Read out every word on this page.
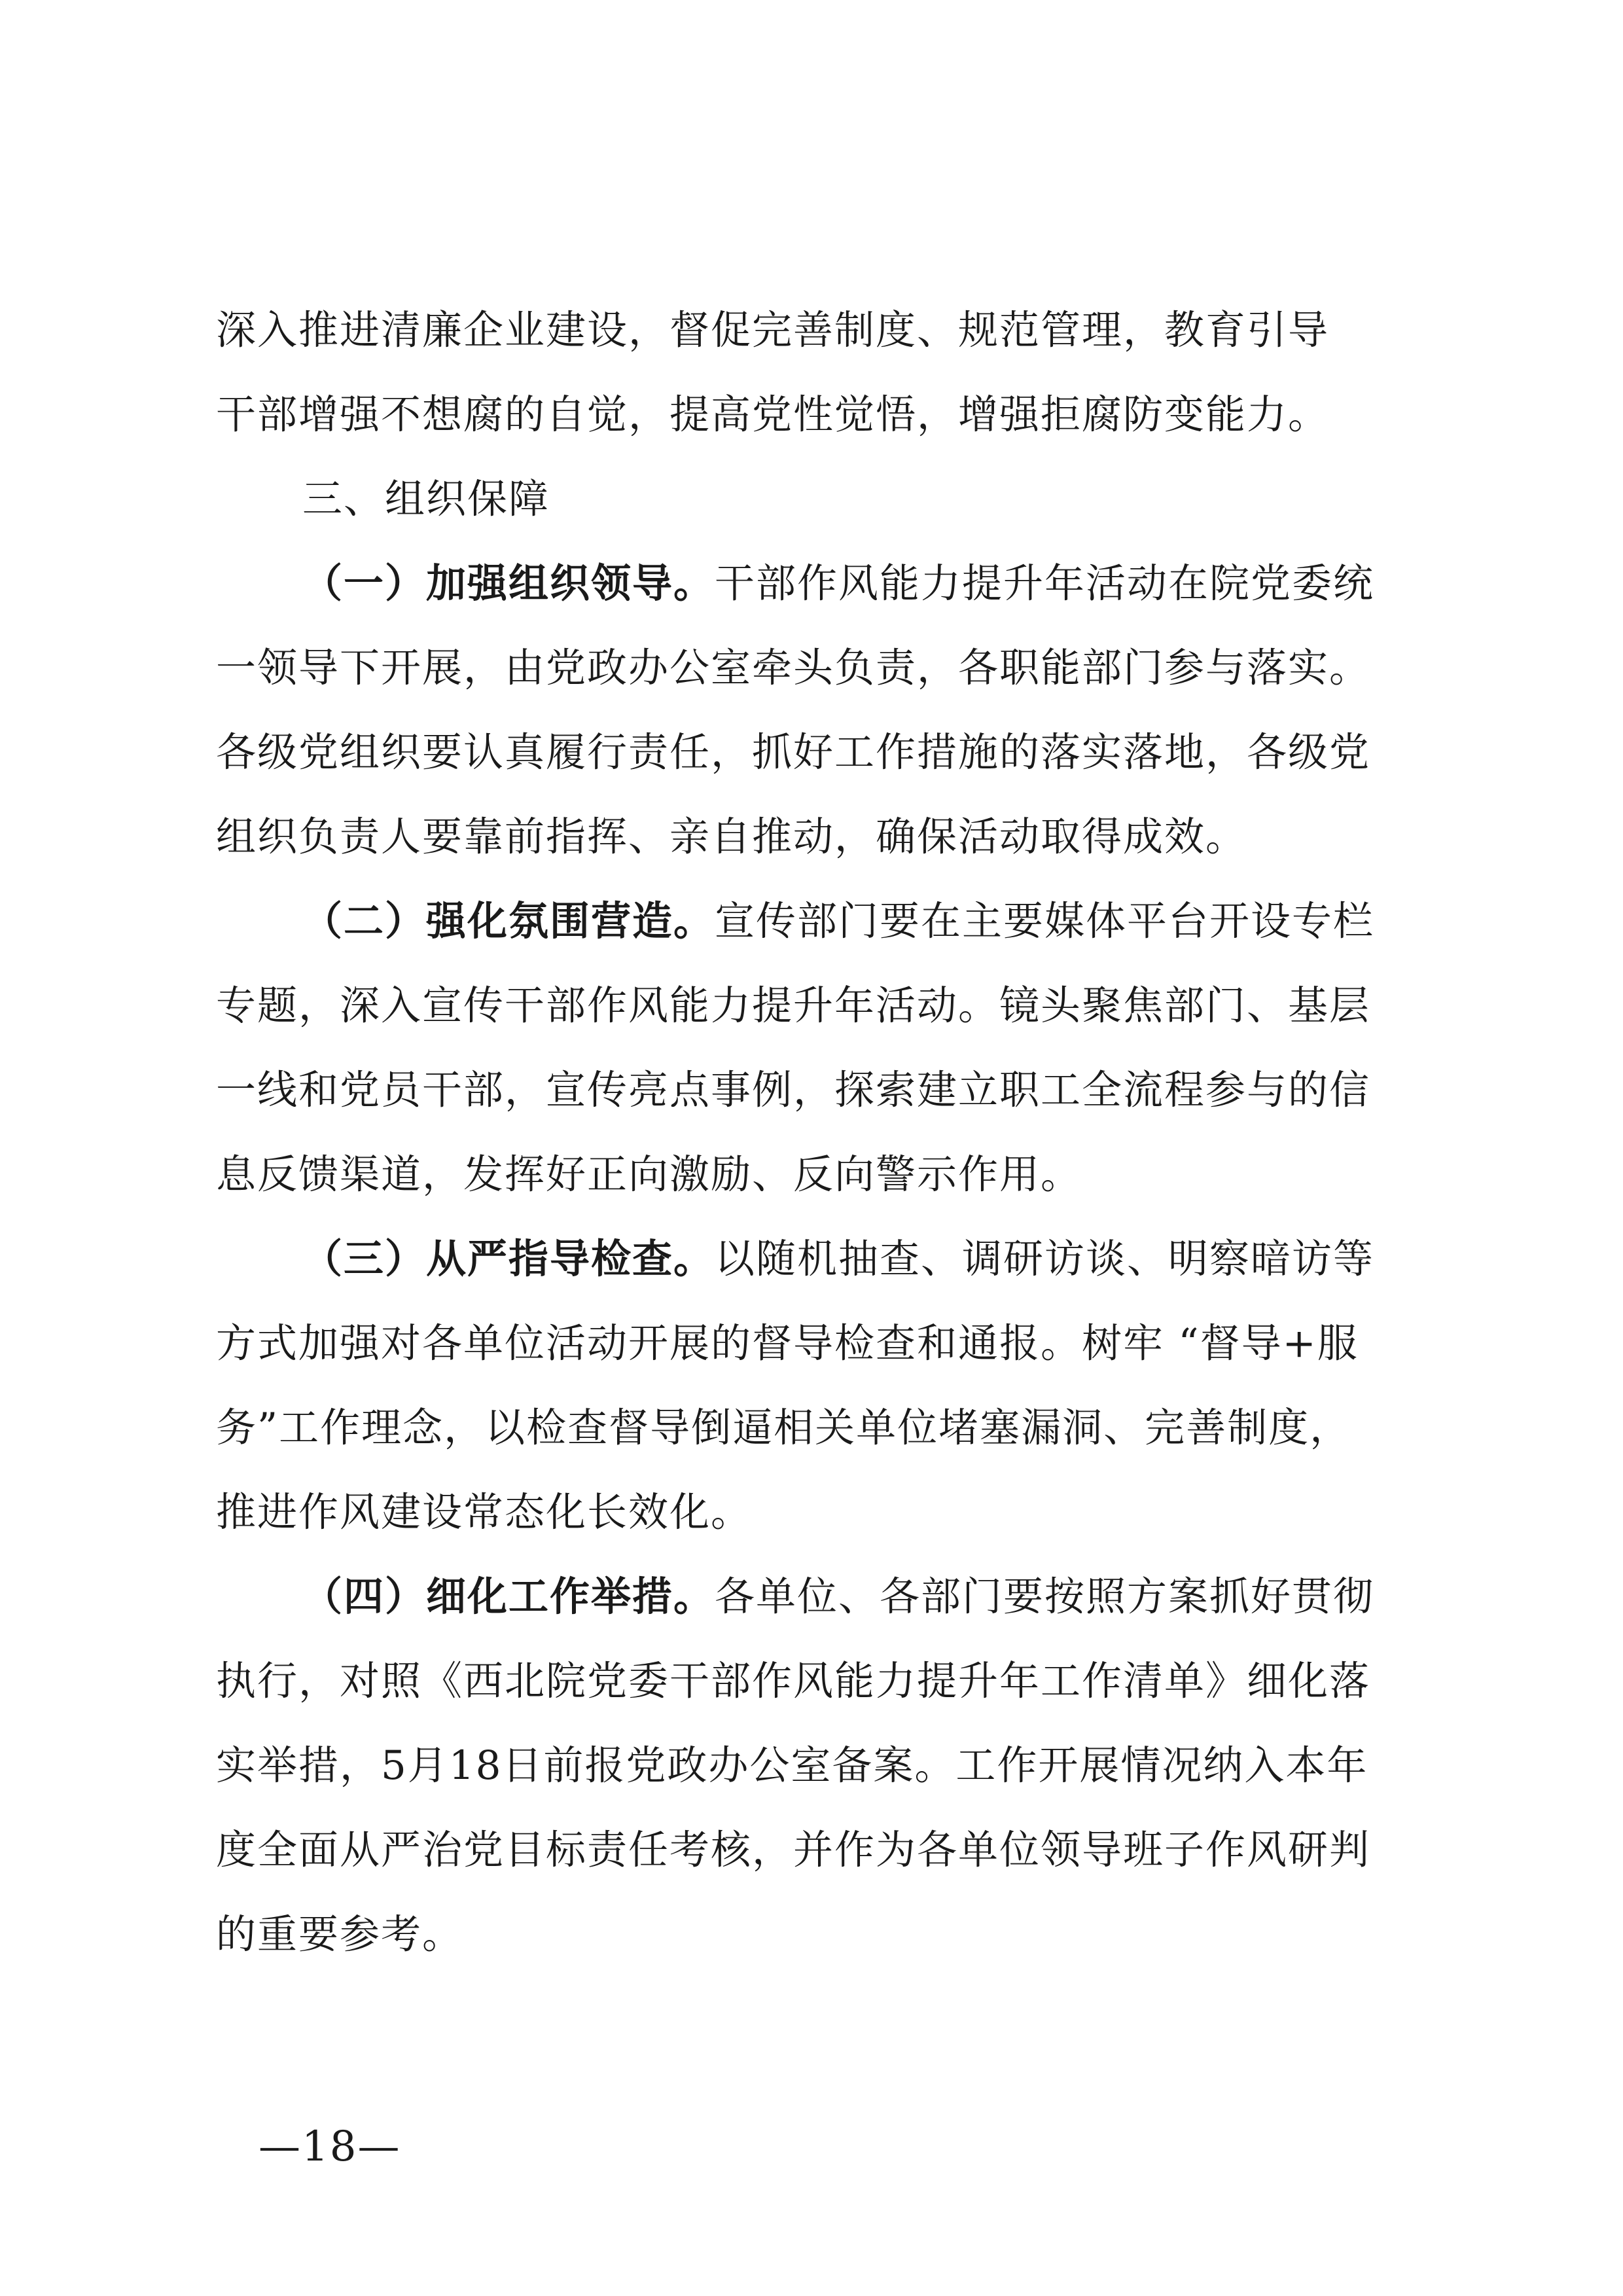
深入推进清廉企业建设，督促完善制度、规范管理，教育引导
干部增强不想腐的自觉，提高党性觉悟，增强拒腐防变能力。

三、组织保障

（一）加强组织领导。干部作风能力提升年活动在院党委统
一领导下开展，由党政办公室牵头负责，各职能部门参与落实。
各级党组织要认真履行责任，抓好工作措施的落实落地，各级党
组织负责人要靠前指挥、亲自推动，确保活动取得成效。
（二）强化氛围营造。宣传部门要在主要媒体平台开设专栏
专题，深入宣传干部作风能力提升年活动。镜头聚焦部门、基层
一线和党员干部，宣传亮点事例，探索建立职工全流程参与的信
息反馈渠道，发挥好正向激励、反向警示作用。
（三）从严指导检查。以随机抽查、调研访谈、明察暗访等
方式加强对各单位活动开展的督导检查和通报。树牢 “督导+服
务”工作理念，以检查督导倒逼相关单位堵塞漏洞、完善制度，
推进作风建设常态化长效化。
（四）细化工作举措。各单位、各部门要按照方案抓好贯彻
执行，对照《西北院党委干部作风能力提升年工作清单》细化落
实举措，5月18日前报党政办公室备案。工作开展情况纳入本年
度全面从严治党目标责任考核，并作为各单位领导班子作风研判
的重要参考。
—18—
